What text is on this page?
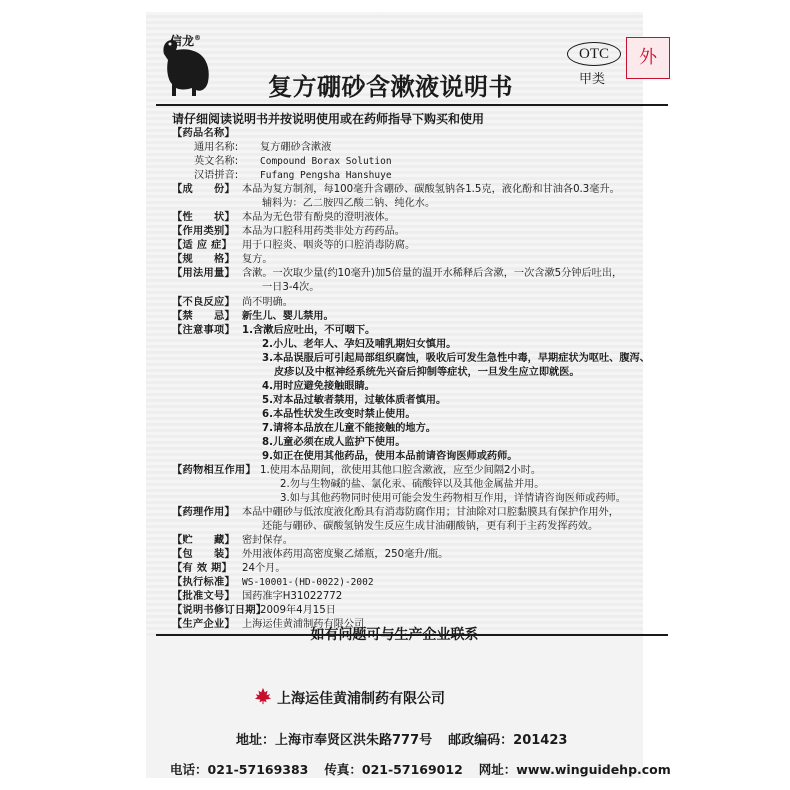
信龙®
OTC
甲类
外
复方硼砂含漱液说明书
请仔细阅读说明书并按说明使用或在药师指导下购买和使用
【 药品名称 】
通用名称: 复方硼砂含漱液
英文名称: Compound Borax Solution
汉语拼音: Fufang Pengsha Hanshuye
【 成　　份 】 本品为复方制剂，每100毫升含硼砂、碳酸氢钠各1.5克，液化酚和甘油各0.3毫升。
辅料为：乙二胺四乙酸二钠、纯化水。
【 性　　状 】 本品为无色带有酚臭的澄明液体。
【 作用类别 】 本品为口腔科用药类非处方药药品。
【 适 应 症 】 用于口腔炎、咽炎等的口腔消毒防腐。
【 规　　格 】 复方。
【 用法用量 】 含漱。一次取少量(约10毫升)加5倍量的温开水稀释后含漱，一次含漱5分钟后吐出，
一日3-4次。
【 不良反应 】 尚不明确。
【 禁　　忌 】 新生儿、婴儿禁用。
【 注意事项 】 1.含漱后应吐出，不可咽下。
2.小儿、老年人、孕妇及哺乳期妇女慎用。
3.本品误服后可引起局部组织腐蚀，吸收后可发生急性中毒，早期症状为呕吐、腹泻、
皮疹以及中枢神经系统先兴奋后抑制等症状，一旦发生应立即就医。
4.用时应避免接触眼睛。
5.对本品过敏者禁用，过敏体质者慎用。
6.本品性状发生改变时禁止使用。
7.请将本品放在儿童不能接触的地方。
8.儿童必须在成人监护下使用。
9.如正在使用其他药品，使用本品前请咨询医师或药师。
【 药物相互作用 】 1.使用本品期间，欲使用其他口腔含漱液，应至少间隔2小时。
2.勿与生物碱的盐、氯化汞、硫酸锌以及其他金属盐并用。
3.如与其他药物同时使用可能会发生药物相互作用，详情请咨询医师或药师。
【 药理作用 】 本品中硼砂与低浓度液化酚具有消毒防腐作用；甘油除对口腔黏膜具有保护作用外，
还能与硼砂、碳酸氢钠发生反应生成甘油硼酸钠，更有利于主药发挥药效。
【 贮　　藏 】 密封保存。
【 包　　装 】 外用液体药用高密度聚乙烯瓶，250毫升/瓶。
【 有 效 期 】 24个月。
【 执行标准 】 WS-10001-(HD-0022)-2002
【 批准文号 】 国药准字H31022772
【 说明书修订日期 】 2009年4月15日
【 生产企业 】 上海运佳黄浦制药有限公司
如有问题可与生产企业联系
上海运佳黄浦制药有限公司
地址：上海市奉贤区洪朱路777号 邮政编码：201423
电话：021-57169383 传真：021-57169012 网址：www.winguidehp.com
